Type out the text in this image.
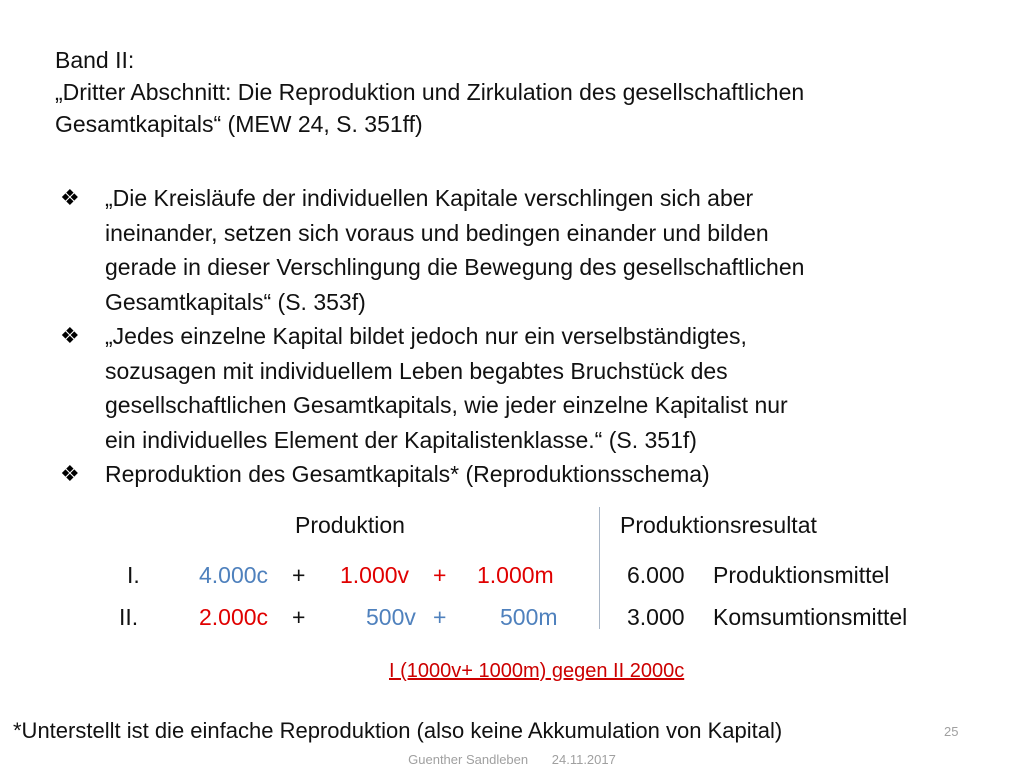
Band II:
„Dritter Abschnitt: Die Reproduktion und Zirkulation des gesellschaftlichen
Gesamtkapitals“ (MEW 24, S. 351ff)
❖	„Die Kreisläufe der individuellen Kapitale verschlingen sich aber
ineinander, setzen sich voraus und bedingen einander und bilden
gerade in dieser Verschlingung die Bewegung des gesellschaftlichen
Gesamtkapitals“ (S. 353f)
❖	„Jedes einzelne Kapital bildet jedoch nur ein verselbständigtes,
sozusagen mit individuellem Leben begabtes Bruchstück des
gesellschaftlichen Gesamtkapitals, wie jeder einzelne Kapitalist nur
ein individuelles Element der Kapitalistenklasse.“ (S. 351f)
❖	Reproduktion des Gesamtkapitals* (Reproduktionsschema)
Produktion	Produktionsresultat
I.	4.000c + 1.000v + 1.000m	6.000 Produktionsmittel
II.	2.000c +	500v + 500m	3.000 Komsumtionsmittel
I (1000v+ 1000m) gegen II 2000c
*Unterstellt ist die einfache Reproduktion (also keine Akkumulation von Kapital)	25
Guenther Sandleben 24.11.2017
